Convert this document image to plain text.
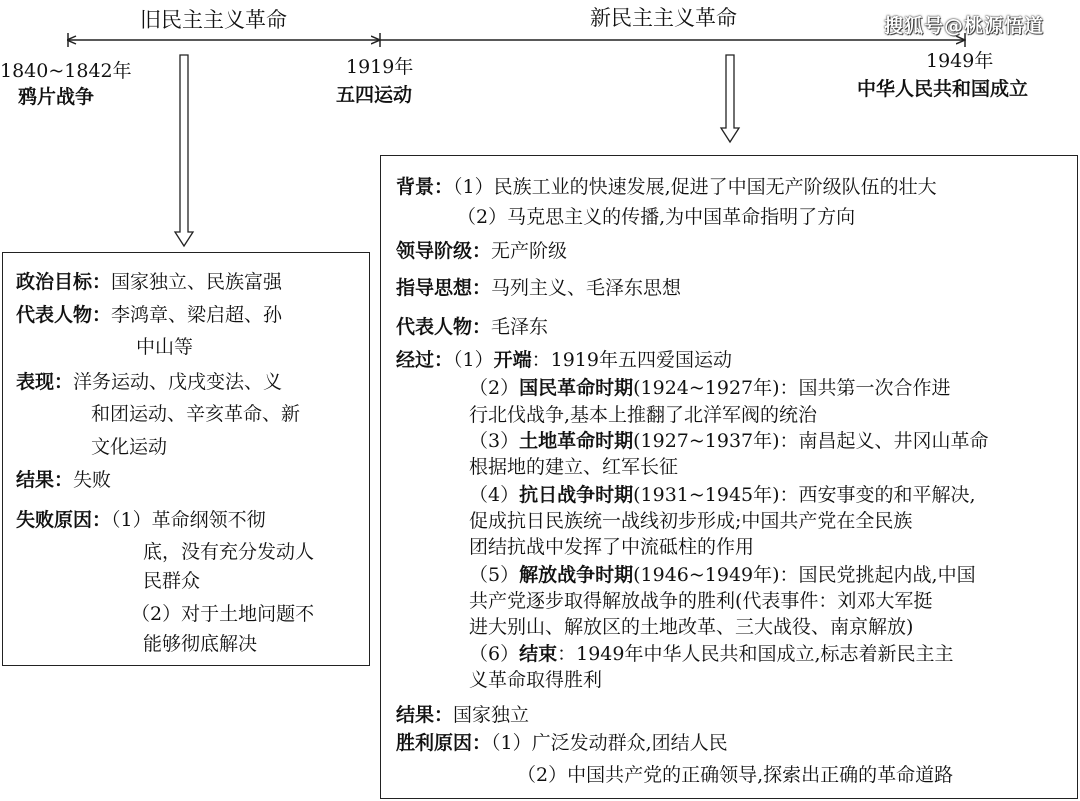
旧民主主义革命	新民主主义革命	搜狐号@桃源悟道
1840~1842年
鸦片战争
1919年
五四运动
1949年
中华人民共和国成立
政治目标：国家独立、民族富强
代表人物：李鸿章、梁启超、孙
中山等
表现：洋务运动、戊戌变法、义
和团运动、辛亥革命、新
文化运动
结果：失败
失败原因：（1）革命纲领不彻
底，没有充分发动人
民群众
（2）对于土地问题不
能够彻底解决
背景：（1）民族工业的快速发展,促进了中国无产阶级队伍的壮大
（2）马克思主义的传播,为中国革命指明了方向
领导阶级：无产阶级
指导思想：马列主义、毛泽东思想
代表人物：毛泽东
经过：（1）开端：1919年五四爱国运动
（2）国民革命时期(1924~1927年)：国共第一次合作进
行北伐战争,基本上推翻了北洋军阀的统治
（3）土地革命时期(1927~1937年)：南昌起义、井冈山革命
根据地的建立、红军长征
（4）抗日战争时期(1931~1945年)：西安事变的和平解决,
促成抗日民族统一战线初步形成;中国共产党在全民族
团结抗战中发挥了中流砥柱的作用
（5）解放战争时期(1946~1949年)：国民党挑起内战,中国
共产党逐步取得解放战争的胜利(代表事件：刘邓大军挺
进大别山、解放区的土地改革、三大战役、南京解放)
（6）结束：1949年中华人民共和国成立,标志着新民主主
义革命取得胜利
结果：国家独立
胜利原因：（1）广泛发动群众,团结人民
（2）中国共产党的正确领导,探索出正确的革命道路
